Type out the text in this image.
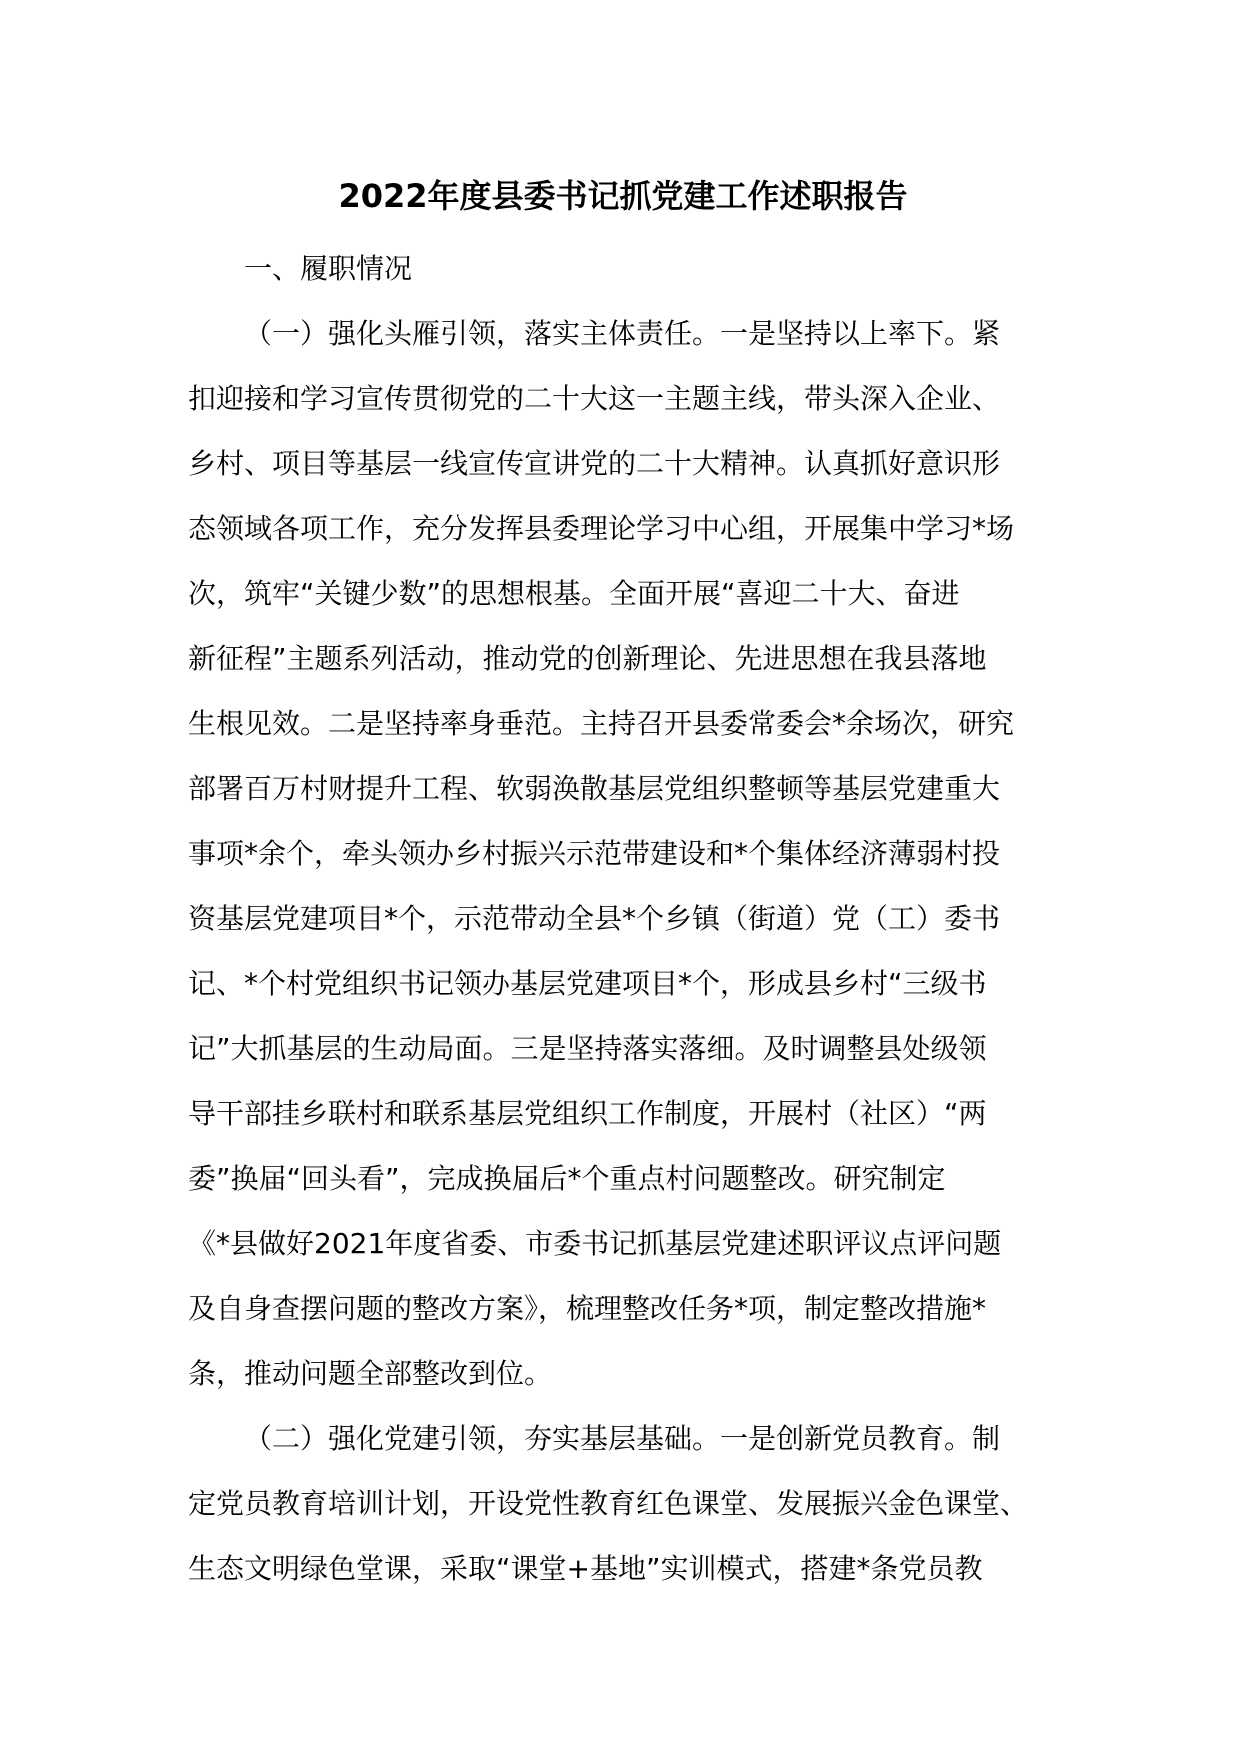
2022年度县委书记抓党建工作述职报告
一、履职情况
（一）强化头雁引领，落实主体责任。一是坚持以上率下。紧
扣迎接和学习宣传贯彻党的二十大这一主题主线，带头深入企业、
乡村、项目等基层一线宣传宣讲党的二十大精神。认真抓好意识形
态领域各项工作，充分发挥县委理论学习中心组，开展集中学习*场
次，筑牢“关键少数”的思想根基。全面开展“喜迎二十大、奋进
新征程”主题系列活动，推动党的创新理论、先进思想在我县落地
生根见效。二是坚持率身垂范。主持召开县委常委会*余场次，研究
部署百万村财提升工程、软弱涣散基层党组织整顿等基层党建重大
事项*余个，牵头领办乡村振兴示范带建设和*个集体经济薄弱村投
资基层党建项目*个，示范带动全县*个乡镇（街道）党（工）委书
记、*个村党组织书记领办基层党建项目*个，形成县乡村“三级书
记”大抓基层的生动局面。三是坚持落实落细。及时调整县处级领
导干部挂乡联村和联系基层党组织工作制度，开展村（社区）“两
委”换届“回头看”，完成换届后*个重点村问题整改。研究制定
《*县做好2021年度省委、市委书记抓基层党建述职评议点评问题
及自身查摆问题的整改方案》，梳理整改任务*项，制定整改措施*
条，推动问题全部整改到位。
（二）强化党建引领，夯实基层基础。一是创新党员教育。制
定党员教育培训计划，开设党性教育红色课堂、发展振兴金色课堂、
生态文明绿色堂课，采取“课堂+基地”实训模式，搭建*条党员教
